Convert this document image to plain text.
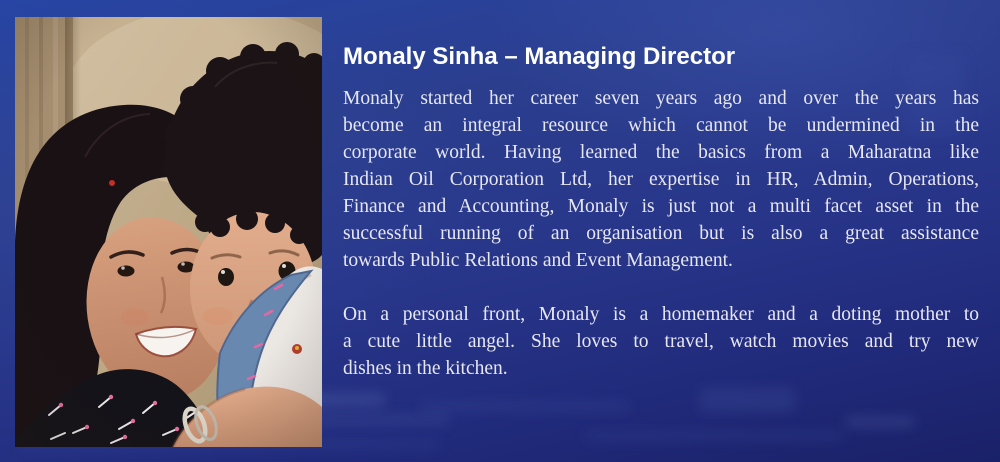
Monaly Sinha – Managing Director
Monaly started her career seven years ago and over the years has
become an integral resource which cannot be undermined in the
corporate world. Having learned the basics from a Maharatna like
Indian Oil Corporation Ltd, her expertise in HR, Admin, Operations,
Finance and Accounting, Monaly is just not a multi facet asset in the
successful running of an organisation but is also a great assistance
towards Public Relations and Event Management.
On a personal front, Monaly is a homemaker and a doting mother to
a cute little angel. She loves to travel, watch movies and try new
dishes in the kitchen.
